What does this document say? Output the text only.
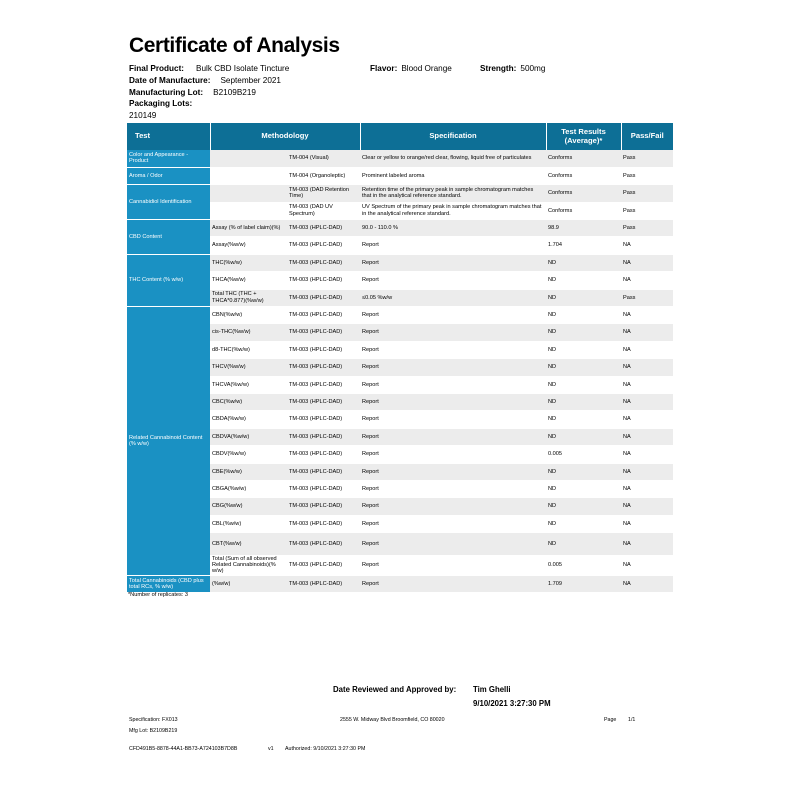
Certificate of Analysis
Final Product: Bulk CBD Isolate Tincture	Flavor: Blood Orange	Strength: 500mg
Date of Manufacture: September 2021
Manufacturing Lot: B2109B219
Packaging Lots:
210149
Test	Methodology		Specification	Test Results (Average)*	Pass/Fail
Color and Appearance - Product		TM-004 (Visual)	Clear or yellow to orange/red clear, flowing, liquid free of particulates	Conforms	Pass
Aroma / Odor		TM-004 (Organoleptic)	Prominent labeled aroma	Conforms	Pass
Cannabidiol Identification		TM-003 (DAD Retention Time)	Retention time of the primary peak in sample chromatogram matches that in the analytical reference standard.	Conforms	Pass
		TM-003 (DAD UV Spectrum)	UV Spectrum of the primary peak in sample chromatogram matches that in the analytical reference standard.	Conforms	Pass
CBD Content	Assay (% of label claim)(%)	TM-003 (HPLC-DAD)	90.0 - 110.0 %	98.9	Pass
	Assay(%w/w)	TM-003 (HPLC-DAD)	Report	1.704	NA
THC Content (% w/w)	THC(%w/w)	TM-003 (HPLC-DAD)	Report	ND	NA
	THCA(%w/w)	TM-003 (HPLC-DAD)	Report	ND	NA
	Total THC (THC + THCA*0.877)(%w/w)	TM-003 (HPLC-DAD)	≤0.05 %w/w	ND	Pass
Related Cannabinoid Content (% w/w)	CBN(%w/w)	TM-003 (HPLC-DAD)	Report	ND	NA
	cis-THC(%w/w)	TM-003 (HPLC-DAD)	Report	ND	NA
	d8-THC(%w/w)	TM-003 (HPLC-DAD)	Report	ND	NA
	THCV(%w/w)	TM-003 (HPLC-DAD)	Report	ND	NA
	THCVA(%w/w)	TM-003 (HPLC-DAD)	Report	ND	NA
	CBC(%w/w)	TM-003 (HPLC-DAD)	Report	ND	NA
	CBDA(%w/w)	TM-003 (HPLC-DAD)	Report	ND	NA
	CBDVA(%w/w)	TM-003 (HPLC-DAD)	Report	ND	NA
	CBDV(%w/w)	TM-003 (HPLC-DAD)	Report	0.005	NA
	CBE(%w/w)	TM-003 (HPLC-DAD)	Report	ND	NA
	CBGA(%w/w)	TM-003 (HPLC-DAD)	Report	ND	NA
	CBG(%w/w)	TM-003 (HPLC-DAD)	Report	ND	NA
	CBL(%w/w)	TM-003 (HPLC-DAD)	Report	ND	NA
	CBT(%w/w)	TM-003 (HPLC-DAD)	Report	ND	NA
	Total (Sum of all observed Related Cannabinoids)(% w/w)	TM-003 (HPLC-DAD)	Report	0.005	NA
Total Cannabinoids (CBD plus total RCs, % w/w)	(%w/w)	TM-003 (HPLC-DAD)	Report	1.709	NA
*Number of replicates: 3
Date Reviewed and Approved by: Tim Ghelli
9/10/2021 3:27:30 PM
Specification: FX013	2555 W. Midway Blvd Broomfield, CO 80020	Page 1/1
Mfg Lot: B2109B219
CFD491B5-8878-44A1-BB73-A724103B7D8B	v1 Authorized: 9/10/2021 3:27:30 PM
